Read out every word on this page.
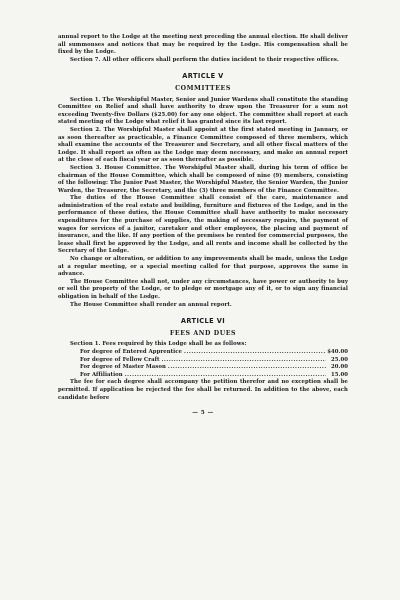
annual report to the Lodge at the meeting next preceding the annual election. He shall deliver all summonses and notices that may be required by the Lodge. His compensation shall be fixed by the Lodge.

Section 7. All other officers shall perform the duties incident to their respective offices.

ARTICLE V
COMMITTEES

Section 1. The Worshipful Master, Senior and Junior Wardens shall constitute the standing Committee on Relief and shall have authority to draw upon the Treasurer for a sum not exceeding Twenty-five Dollars ($25.00) for any one object. The committee shall report at each stated meeting of the Lodge what relief it has granted since its last report.

Section 2. The Worshipful Master shall appoint at the first stated meeting in January, or as soon thereafter as practicable, a Finance Committee composed of three members, which shall examine the accounts of the Treasurer and Secretary, and all other fiscal matters of the Lodge. It shall report as often as the Lodge may deem necessary, and make an annual report at the close of each fiscal year or as soon thereafter as possible.

Section 3. House Committee. The Worshipful Master shall, during his term of office be chairman of the House Committee, which shall be composed of nine (9) members, consisting of the following: The Junior Past Master, the Worshipful Master, the Senior Warden, the Junior Warden, the Treasurer, the Secretary, and the (3) three members of the Finance Committee.

The duties of the House Committee shall consist of the care, maintenance and administration of the real estate and building, furniture and fixtures of the Lodge, and in the performance of these duties, the House Committee shall have authority to make necessary expenditures for the purchase of supplies, the making of necessary repairs, the payment of wages for services of a janitor, caretaker and other employees, the placing and payment of insurance, and the like. If any portion of the premises be rented for commercial purposes, the lease shall first be approved by the Lodge, and all rents and income shall be collected by the Secretary of the Lodge.

No change or alteration, or addition to any improvements shall be made, unless the Lodge at a regular meeting, or a special meeting called for that purpose, approves the same in advance.

The House Committee shall not, under any circumstances, have power or authority to buy or sell the property of the Lodge, or to pledge or mortgage any of it, or to sign any financial obligation in behalf of the Lodge.

The House Committee shall render an annual report.

ARTICLE VI
FEES AND DUES

Section 1. Fees required by this Lodge shall be as follows:

For degree of Entered Apprentice .....	$40.00
For degree of Fellow Craft .....	25.00
For degree of Master Mason .....	20.00
For Affiliation .....	15.00

The fee for each degree shall accompany the petition therefor and no exception shall be permitted. If application be rejected the fee shall be returned. In addition to the above, each candidate before

— 5 —
